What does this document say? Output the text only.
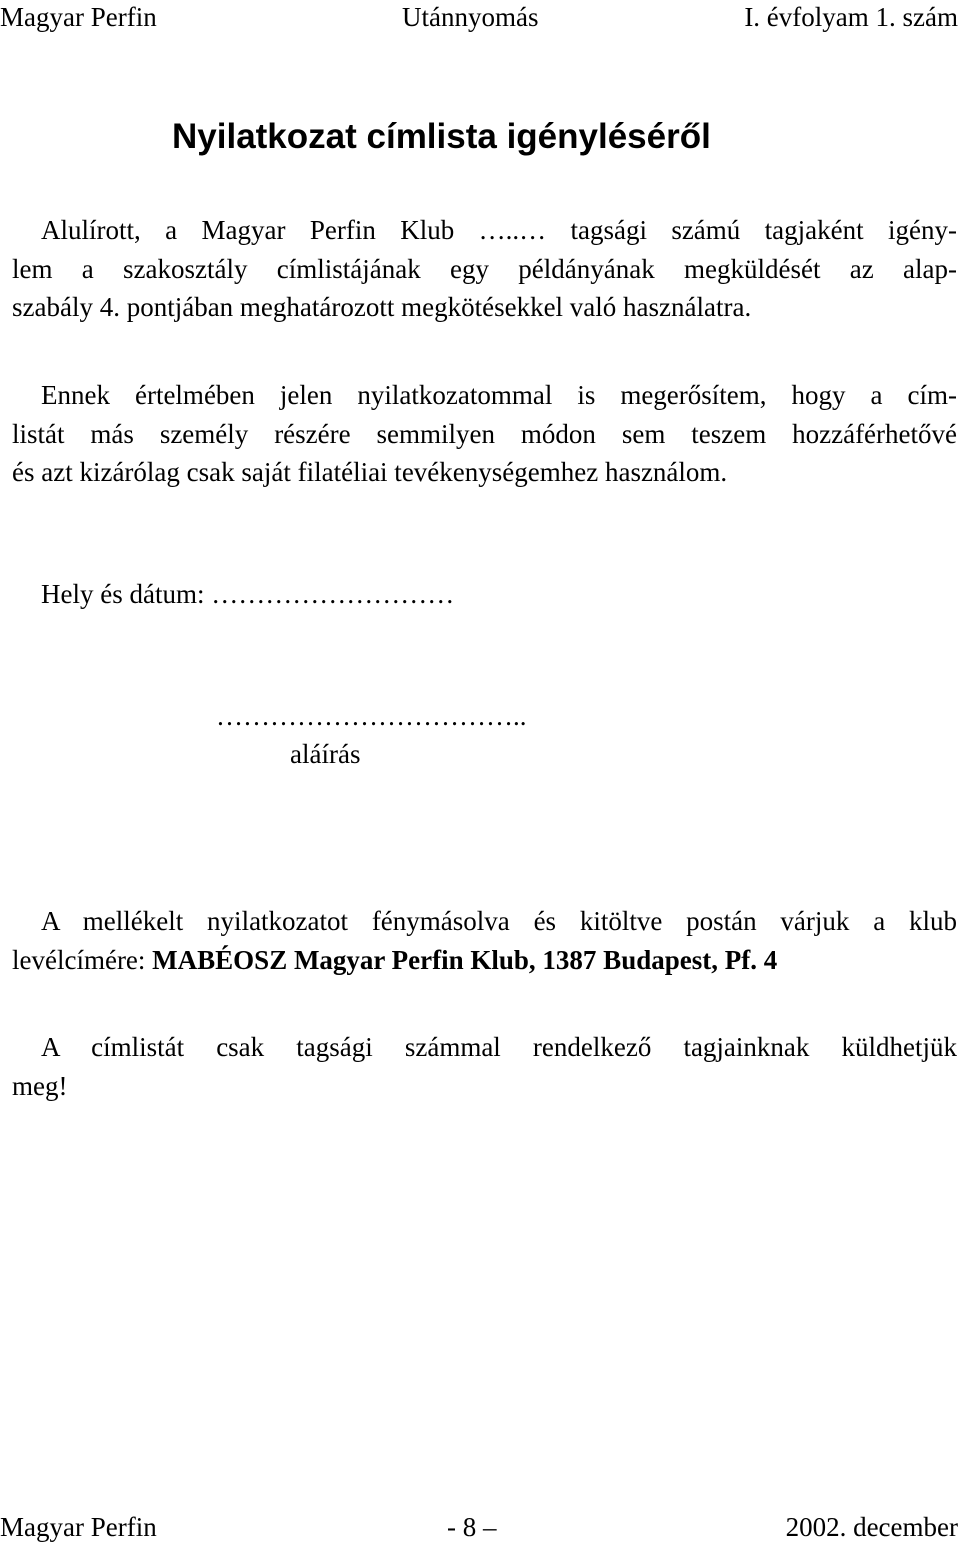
Magyar Perfin	Utánnyomás	I. évfolyam 1. szám
Nyilatkozat címlista igényléséről
Alulírott, a Magyar Perfin Klub …..… tagsági számú tagjaként igény-
lem a szakosztály címlistájának egy példányának megküldését az alap-
szabály 4. pontjában meghatározott megkötésekkel való használatra.
Ennek értelmében jelen nyilatkozatommal is megerősítem, hogy a cím-
listát más személy részére semmilyen módon sem teszem hozzáférhetővé
és azt kizárólag csak saját filatéliai tevékenységemhez használom.
Hely és dátum: ………………………
……………………………..
aláírás
A mellékelt nyilatkozatot fénymásolva és kitöltve postán várjuk a klub
levélcímére: MABÉOSZ Magyar Perfin Klub, 1387 Budapest, Pf. 4
A címlistát csak tagsági számmal rendelkező tagjainknak küldhetjük
meg!
Magyar Perfin	- 8 –	2002. december
